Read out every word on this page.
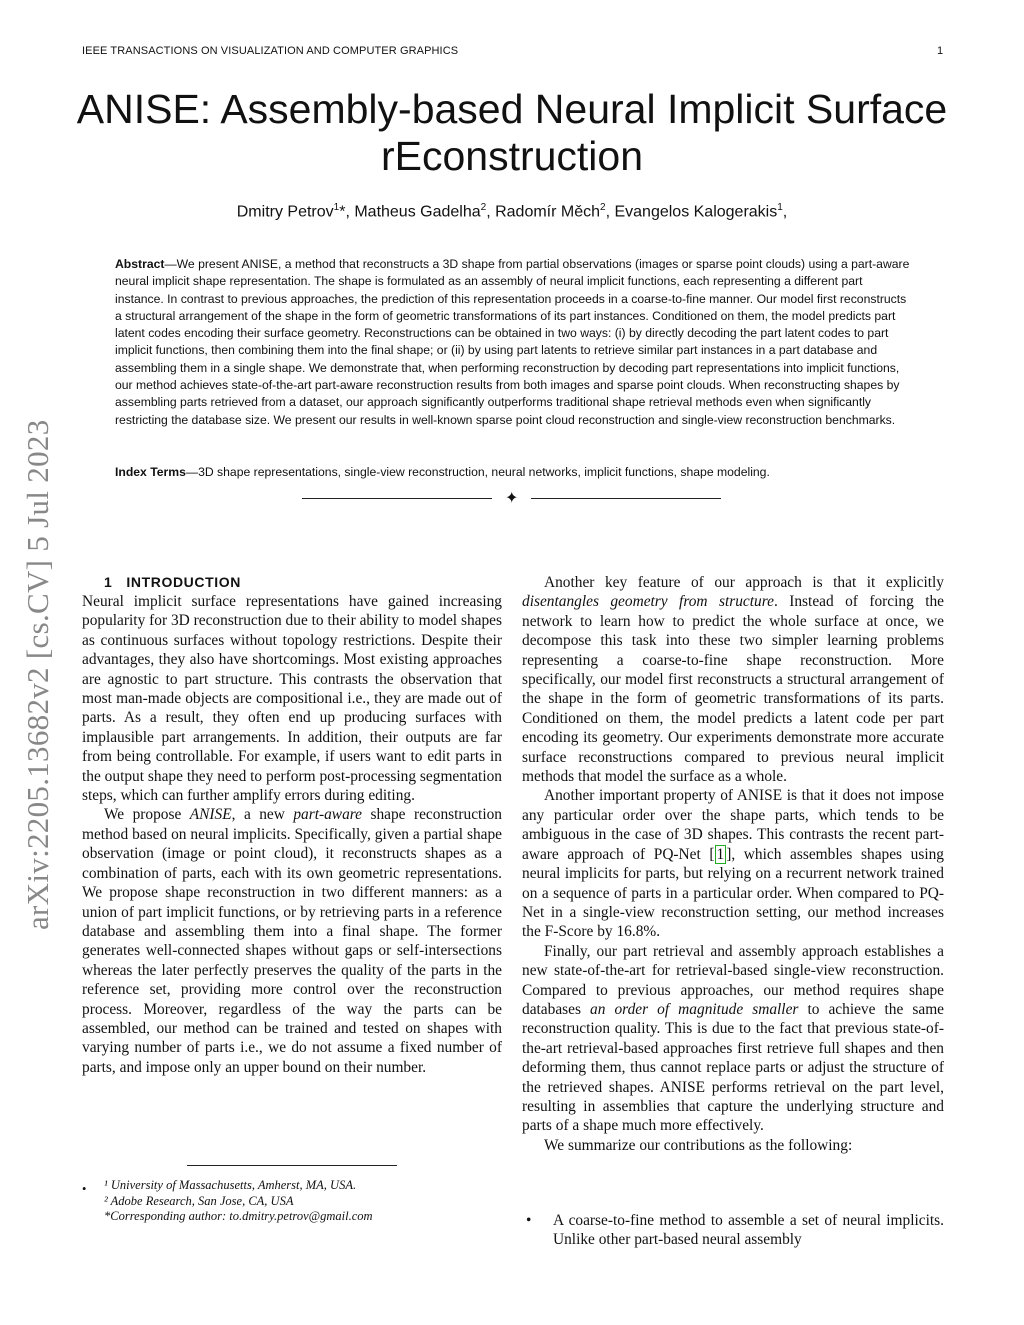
IEEE TRANSACTIONS ON VISUALIZATION AND COMPUTER GRAPHICS	1
ANISE: Assembly-based Neural Implicit Surface rEconstruction
Dmitry Petrov$^1$*, Matheus Gadelha$^2$, Radomír Měch$^2$, Evangelos Kalogerakis$^1$,
Abstract—We present ANISE, a method that reconstructs a 3D shape from partial observations (images or sparse point clouds) using a part-aware neural implicit shape representation. The shape is formulated as an assembly of neural implicit functions, each representing a different part instance. In contrast to previous approaches, the prediction of this representation proceeds in a coarse-to-fine manner. Our model first reconstructs a structural arrangement of the shape in the form of geometric transformations of its part instances. Conditioned on them, the model predicts part latent codes encoding their surface geometry. Reconstructions can be obtained in two ways: (i) by directly decoding the part latent codes to part implicit functions, then combining them into the final shape; or (ii) by using part latents to retrieve similar part instances in a part database and assembling them in a single shape. We demonstrate that, when performing reconstruction by decoding part representations into implicit functions, our method achieves state-of-the-art part-aware reconstruction results from both images and sparse point clouds. When reconstructing shapes by assembling parts retrieved from a dataset, our approach significantly outperforms traditional shape retrieval methods even when significantly restricting the database size. We present our results in well-known sparse point cloud reconstruction and single-view reconstruction benchmarks.
Index Terms—3D shape representations, single-view reconstruction, neural networks, implicit functions, shape modeling.
✦
arXiv:2205.13682v2 [cs.CV] 5 Jul 2023	1 INTRODUCTION

Neural implicit surface representations have gained increasing popularity for 3D reconstruction due to their ability to model shapes as continuous surfaces without topology restrictions. Despite their advantages, they also have shortcomings. Most existing approaches are agnostic to part structure. This contrasts the observation that most man-made objects are compositional i.e., they are made out of parts. As a result, they often end up producing surfaces with implausible part arrangements. In addition, their outputs are far from being controllable. For example, if users want to edit parts in the output shape they need to perform post-processing segmentation steps, which can further amplify errors during editing.

We propose ANISE, a new part-aware shape reconstruction method based on neural implicits. Specifically, given a partial shape observation (image or point cloud), it reconstructs shapes as a combination of parts, each with its own geometric representations. We propose shape reconstruction in two different manners: as a union of part implicit functions, or by retrieving parts in a reference database and assembling them into a final shape. The former generates well-connected shapes without gaps or self-intersections whereas the later perfectly preserves the quality of the parts in the reference set, providing more control over the reconstruction process. Moreover, regardless of the way the parts can be assembled, our method can be trained and tested on shapes with varying number of parts i.e., we do not assume a fixed number of parts, and impose only an upper bound on their number.

•	¹ University of Massachusetts, Amherst, MA, USA.
² Adobe Research, San Jose, CA, USA
*Corresponding author: to.dmitry.petrov@gmail.com

Another key feature of our approach is that it explicitly disentangles geometry from structure. Instead of forcing the network to learn how to predict the whole surface at once, we decompose this task into these two simpler learning problems representing a coarse-to-fine shape reconstruction. More specifically, our model first reconstructs a structural arrangement of the shape in the form of geometric transformations of its parts. Conditioned on them, the model predicts a latent code per part encoding its geometry. Our experiments demonstrate more accurate surface reconstructions compared to previous neural implicit methods that model the surface as a whole.

Another important property of ANISE is that it does not impose any particular order over the shape parts, which tends to be ambiguous in the case of 3D shapes. This contrasts the recent part-aware approach of PQ-Net [ 1 ], which assembles shapes using neural implicits for parts, but relying on a recurrent network trained on a sequence of parts in a particular order. When compared to PQ-Net in a single-view reconstruction setting, our method increases the F-Score by 16.8%.

Finally, our part retrieval and assembly approach establishes a new state-of-the-art for retrieval-based single-view reconstruction. Compared to previous approaches, our method requires shape databases an order of magnitude smaller to achieve the same reconstruction quality. This is due to the fact that previous state-of-the-art retrieval-based approaches first retrieve full shapes and then deforming them, thus cannot replace parts or adjust the structure of the retrieved shapes. ANISE performs retrieval on the part level, resulting in assemblies that capture the underlying structure and parts of a shape much more effectively.

We summarize our contributions as the following:

• A coarse-to-fine method to assemble a set of neural implicits. Unlike other part-based neural assembly
